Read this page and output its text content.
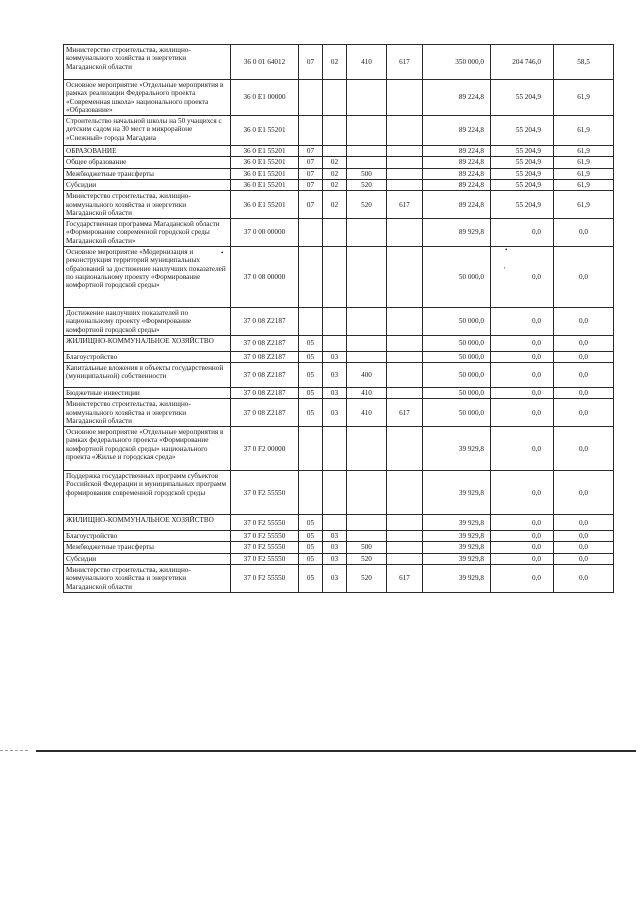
Министерство строительства, жилищно-коммунального хозяйства и энергетики Магаданской области	36 0 01 64012	07	02	410	617	350 000,0	204 746,0	58,5
Основное мероприятие «Отдельные мероприятия в рамках реализации Федерального проекта «Современная школа» национального проекта «Образование»	36 0 E1 00000					89 224,8	55 204,9	61,9
Строительство начальной школы на 50 учащихся с детским садом на 30 мест в микрорайоне «Снежный» города Магадана	36 0 E1 55201					89 224,8	55 204,9	61,9
ОБРАЗОВАНИЕ	36 0 E1 55201	07				89 224,8	55 204,9	61,9
Общее образование	36 0 E1 55201	07	02			89 224,8	55 204,9	61,9
Межбюджетные трансферты	36 0 E1 55201	07	02	500		89 224,8	55 204,9	61,9
Субсидии	36 0 E1 55201	07	02	520		89 224,8	55 204,9	61,9
Министерство строительства, жилищно-коммунального хозяйства и энергетики Магаданской области	36 0 E1 55201	07	02	520	617	89 224,8	55 204,9	61,9
Государственная программа Магаданской области «Формирование современной городской среды Магаданской области»	37 0 00 00000					89 929,8	0,0	0,0
Основное мероприятие «Модернизация и реконструкция территорий муниципальных образований за достижение наилучших показателей по национальному проекту «Формирование комфортной городской среды»	37 0 08 00000					50 000,0	0,0	0,0
Достижение наилучших показателей по национальному проекту «Формирование комфортной городской среды»	37 0 08 Z2187					50 000,0	0,0	0,0
ЖИЛИЩНО-КОММУНАЛЬНОЕ ХОЗЯЙСТВО	37 0 08 Z2187	05				50 000,0	0,0	0,0
Благоустройство	37 0 08 Z2187	05	03			50 000,0	0,0	0,0
Капитальные вложения в объекты государственной (муниципальной) собственности	37 0 08 Z2187	05	03	400		50 000,0	0,0	0,0
Бюджетные инвестиции	37 0 08 Z2187	05	03	410		50 000,0	0,0	0,0
Министерство строительства, жилищно-коммунального хозяйства и энергетики Магаданской области	37 0 08 Z2187	05	03	410	617	50 000,0	0,0	0,0
Основное мероприятие «Отдельные мероприятия в рамках федерального проекта «Формирование комфортной городской среды» национального проекта «Жилье и городская среда»	37 0 F2 00000					39 929,8	0,0	0,0
Поддержка государственных программ субъектов Российской Федерации и муниципальных программ формирования современной городской среды	37 0 F2 55550					39 929,8	0,0	0,0
ЖИЛИЩНО-КОММУНАЛЬНОЕ ХОЗЯЙСТВО	37 0 F2 55550	05				39 929,8	0,0	0,0
Благоустройство	37 0 F2 55550	05	03			39 929,8	0,0	0,0
Межбюджетные трансферты	37 0 F2 55550	05	03	500		39 929,8	0,0	0,0
Субсидии	37 0 F2 55550	05	03	520		39 929,8	0,0	0,0
Министерство строительства, жилищно-коммунального хозяйства и энергетики Магаданской области	37 0 F2 55550	05	03	520	617	39 929,8	0,0	0,0
•	•
'
